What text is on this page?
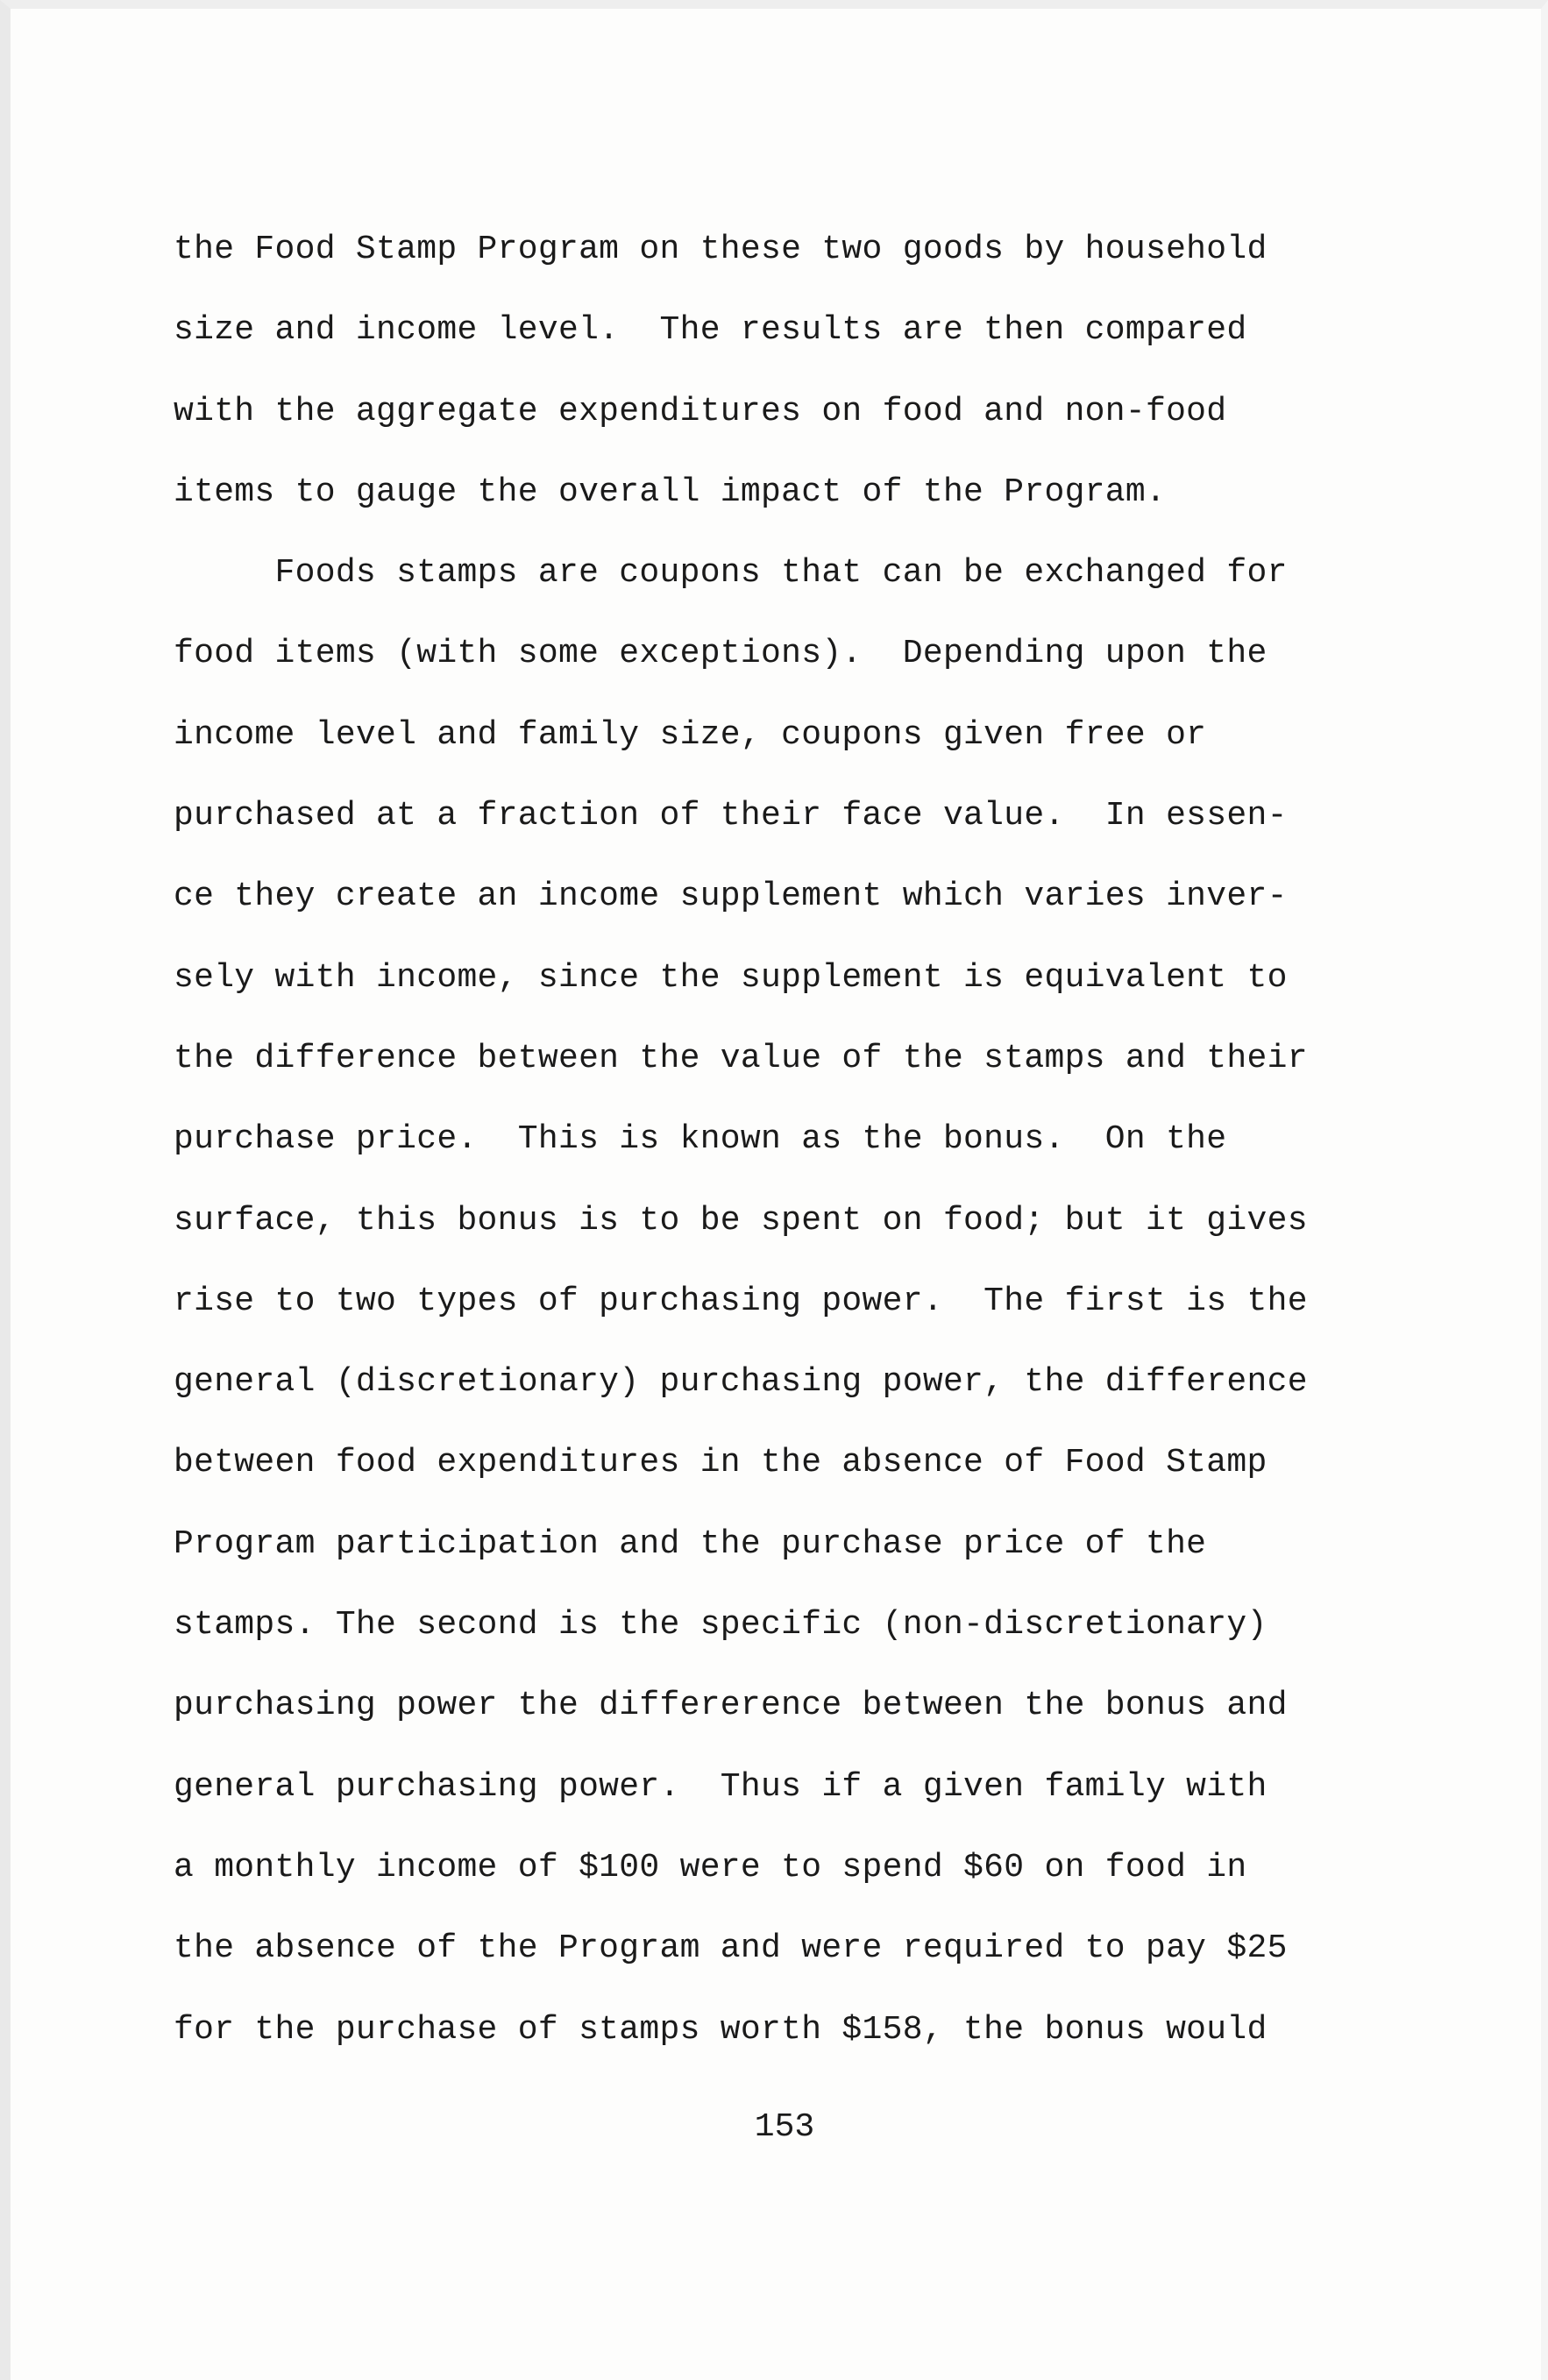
the Food Stamp Program on these two goods by household
size and income level.  The results are then compared
with the aggregate expenditures on food and non-food
items to gauge the overall impact of the Program.
Foods stamps are coupons that can be exchanged for
food items (with some exceptions).  Depending upon the
income level and family size, coupons given free or
purchased at a fraction of their face value.  In essen-
ce they create an income supplement which varies inver-
sely with income, since the supplement is equivalent to
the difference between the value of the stamps and their
purchase price.  This is known as the bonus.  On the
surface, this bonus is to be spent on food; but it gives
rise to two types of purchasing power.  The first is the
general (discretionary) purchasing power, the difference
between food expenditures in the absence of Food Stamp
Program participation and the purchase price of the
stamps. The second is the specific (non-discretionary)
purchasing power the differerence between the bonus and
general purchasing power.  Thus if a given family with
a monthly income of $100 were to spend $60 on food in
the absence of the Program and were required to pay $25
for the purchase of stamps worth $158, the bonus would
153
